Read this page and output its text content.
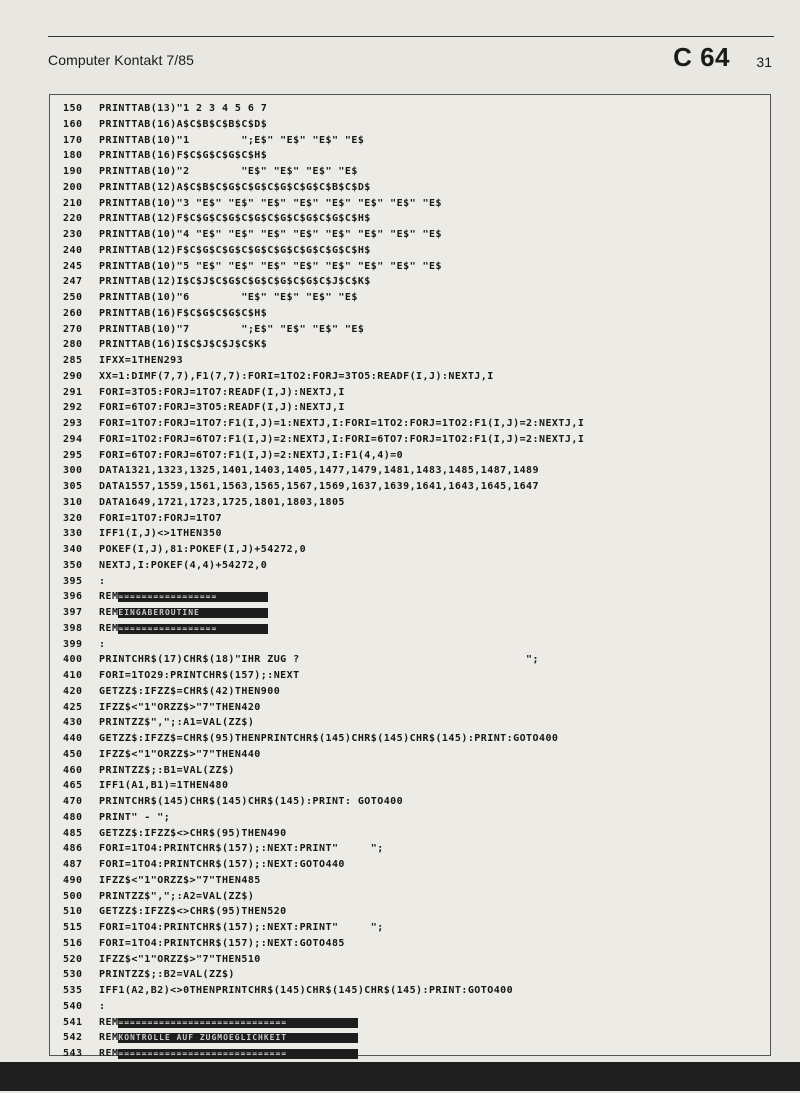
Computer Kontakt 7/85	C 64 31
150	PRINTTAB(13)"1 2 3 4 5 6 7
160	PRINTTAB(16)A$C$B$C$B$C$D$
170	PRINTTAB(10)"1        ";E$" "E$" "E$" "E$
180	PRINTTAB(16)F$C$G$C$G$C$H$
190	PRINTTAB(10)"2        "E$" "E$" "E$" "E$
200	PRINTTAB(12)A$C$B$C$G$C$G$C$G$C$G$C$B$C$D$
210	PRINTTAB(10)"3 "E$" "E$" "E$" "E$" "E$" "E$" "E$" "E$
220	PRINTTAB(12)F$C$G$C$G$C$G$C$G$C$G$C$G$C$H$
230	PRINTTAB(10)"4 "E$" "E$" "E$" "E$" "E$" "E$" "E$" "E$
240	PRINTTAB(12)F$C$G$C$G$C$G$C$G$C$G$C$G$C$H$
245	PRINTTAB(10)"5 "E$" "E$" "E$" "E$" "E$" "E$" "E$" "E$
247	PRINTTAB(12)I$C$J$C$G$C$G$C$G$C$G$C$J$C$K$
250	PRINTTAB(10)"6        "E$" "E$" "E$" "E$
260	PRINTTAB(16)F$C$G$C$G$C$H$
270	PRINTTAB(10)"7        ";E$" "E$" "E$" "E$
280	PRINTTAB(16)I$C$J$C$J$C$K$
285	IFXX=1THEN293
290	XX=1:DIMF(7,7),F1(7,7):FORI=1TO2:FORJ=3TO5:READF(I,J):NEXTJ,I
291	FORI=3TO5:FORJ=1TO7:READF(I,J):NEXTJ,I
292	FORI=6TO7:FORJ=3TO5:READF(I,J):NEXTJ,I
293	FORI=1TO7:FORJ=1TO7:F1(I,J)=1:NEXTJ,I:FORI=1TO2:FORJ=1TO2:F1(I,J)=2:NEXTJ,I
294	FORI=1TO2:FORJ=6TO7:F1(I,J)=2:NEXTJ,I:FORI=6TO7:FORJ=1TO2:F1(I,J)=2:NEXTJ,I
295	FORI=6TO7:FORJ=6TO7:F1(I,J)=2:NEXTJ,I:F1(4,4)=0
300	DATA1321,1323,1325,1401,1403,1405,1477,1479,1481,1483,1485,1487,1489
305	DATA1557,1559,1561,1563,1565,1567,1569,1637,1639,1641,1643,1645,1647
310	DATA1649,1721,1723,1725,1801,1803,1805
320	FORI=1TO7:FORJ=1TO7
330	IFF1(I,J)<>1THEN350
340	POKEF(I,J),81:POKEF(I,J)+54272,0
350	NEXTJ,I:POKEF(4,4)+54272,0
395	:
396	REM =================
397	REM EINGABEROUTINE
398	REM =================
399	:
400	PRINTCHR$(17)CHR$(18)"IHR ZUG ?                                   ";
410	FORI=1TO29:PRINTCHR$(157);:NEXT
420	GETZZ$:IFZZ$=CHR$(42)THEN900
425	IFZZ$<"1"ORZZ$>"7"THEN420
430	PRINTZZ$",";:A1=VAL(ZZ$)
440	GETZZ$:IFZZ$=CHR$(95)THENPRINTCHR$(145)CHR$(145)CHR$(145):PRINT:GOTO400
450	IFZZ$<"1"ORZZ$>"7"THEN440
460	PRINTZZ$;:B1=VAL(ZZ$)
465	IFF1(A1,B1)=1THEN480
470	PRINTCHR$(145)CHR$(145)CHR$(145):PRINT: GOTO400
480	PRINT" - ";
485	GETZZ$:IFZZ$<>CHR$(95)THEN490
486	FORI=1TO4:PRINTCHR$(157);:NEXT:PRINT"     ";
487	FORI=1TO4:PRINTCHR$(157);:NEXT:GOTO440
490	IFZZ$<"1"ORZZ$>"7"THEN485
500	PRINTZZ$",";:A2=VAL(ZZ$)
510	GETZZ$:IFZZ$<>CHR$(95)THEN520
515	FORI=1TO4:PRINTCHR$(157);:NEXT:PRINT"     ";
516	FORI=1TO4:PRINTCHR$(157);:NEXT:GOTO485
520	IFZZ$<"1"ORZZ$>"7"THEN510
530	PRINTZZ$;:B2=VAL(ZZ$)
535	IFF1(A2,B2)<>0THENPRINTCHR$(145)CHR$(145)CHR$(145):PRINT:GOTO400
540	:
541	REM =============================
542	REM KONTROLLE AUF ZUGMOEGLICHKEIT
543	REM =============================
